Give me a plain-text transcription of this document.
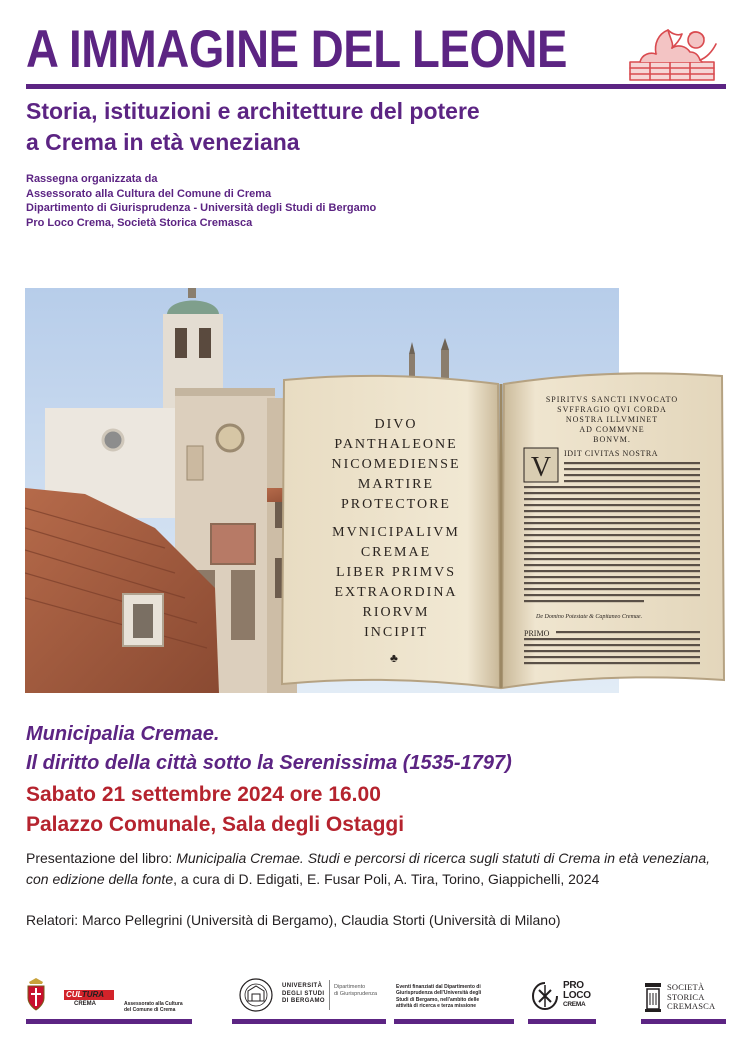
A IMMAGINE DEL LEONE
Storia, istituzioni e architetture del potere
a Crema in età veneziana
Rassegna organizzata da
Assessorato alla Cultura del Comune di Crema
Dipartimento di Giurisprudenza - Università degli Studi di Bergamo
Pro Loco Crema, Società Storica Cremasca
DIVO
PANTHALEONE
NICOMEDIENSE
MARTIRE
PROTECTORE
MVNICIPALIVM
CREMAE
LIBER PRIMVS
EXTRAORDINA
RIORVM
INCIPIT
♣
SPIRITVS SANCTI INVOCATO
SVFFRAGIO QVI CORDA
NOSTRA ILLVMINET
AD COMMVNE
BONVM.
V IDIT CIVITAS NOSTRA
De Domino Potestate & Capitaneo Cremae.
PRIMO
Municipalia Cremae.
Il diritto della città sotto la Serenissima (1535-1797)
Sabato 21 settembre 2024 ore 16.00
Palazzo Comunale, Sala degli Ostaggi
Presentazione del libro: Municipalia Cremae. Studi e percorsi di ricerca sugli statuti di Crema in età veneziana, con edizione della fonte, a cura di D. Edigati, E. Fusar Poli, A. Tira, Torino, Giappichelli, 2024
Relatori: Marco Pellegrini (Università di Bergamo), Claudia Storti (Università di Milano)
CULTURA
CREMA	Assessorato alla Cultura
del Comune di Crema
UNIVERSITÀ
DEGLI STUDI
DI BERGAMO
Dipartimento
di Giurisprudenza
Eventi finanziati dal Dipartimento di
Giurisprudenza dell'Università degli
Studi di Bergamo, nell'ambito delle
attività di ricerca e terza missione
PRO
LOCO
CREMA
SOCIETÀ
STORICA
CREMASCA
